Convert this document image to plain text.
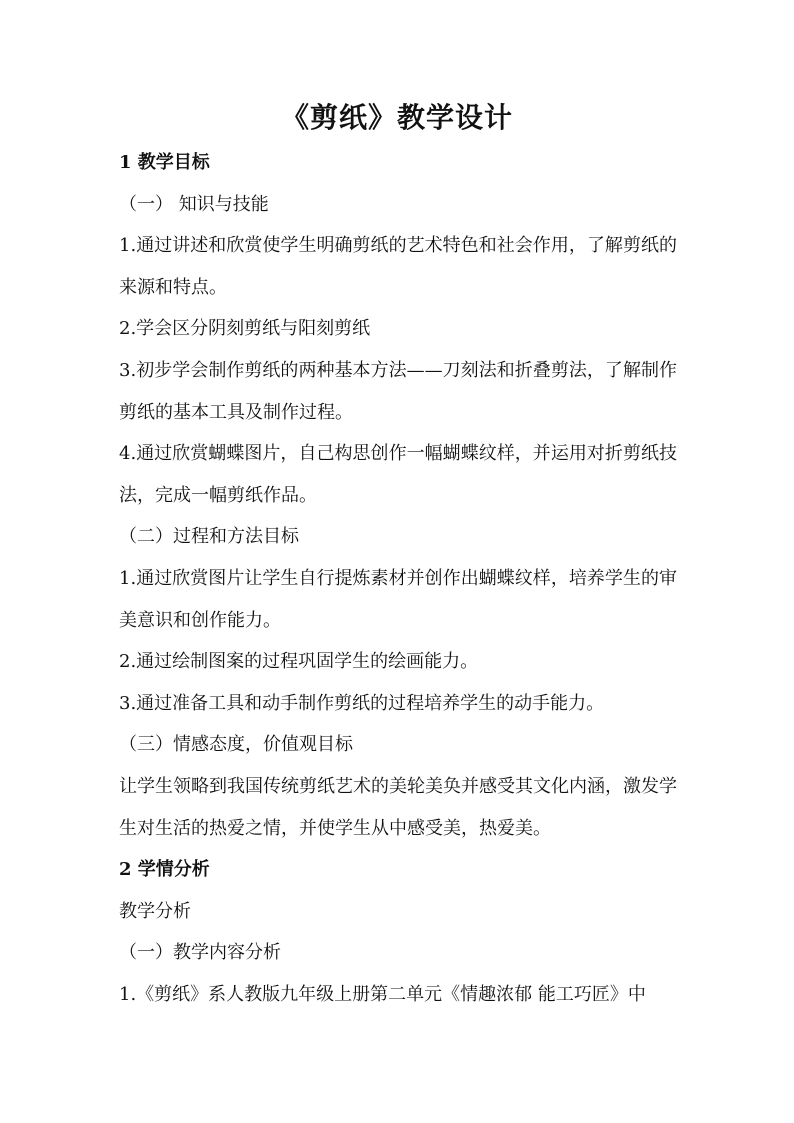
《剪纸》教学设计
1 教学目标
（一） 知识与技能
1.通过讲述和欣赏使学生明确剪纸的艺术特色和社会作用，了解剪纸的来源和特点。
2.学会区分阴刻剪纸与阳刻剪纸
3.初步学会制作剪纸的两种基本方法——刀刻法和折叠剪法，了解制作剪纸的基本工具及制作过程。
4.通过欣赏蝴蝶图片，自己构思创作一幅蝴蝶纹样，并运用对折剪纸技法，完成一幅剪纸作品。
（二）过程和方法目标
1.通过欣赏图片让学生自行提炼素材并创作出蝴蝶纹样，培养学生的审美意识和创作能力。
2.通过绘制图案的过程巩固学生的绘画能力。
3.通过准备工具和动手制作剪纸的过程培养学生的动手能力。
（三）情感态度，价值观目标
让学生领略到我国传统剪纸艺术的美轮美奂并感受其文化内涵，激发学生对生活的热爱之情，并使学生从中感受美，热爱美。
2 学情分析
教学分析
（一）教学内容分析
1.《剪纸》系人教版九年级上册第二单元《情趣浓郁 能工巧匠》中
